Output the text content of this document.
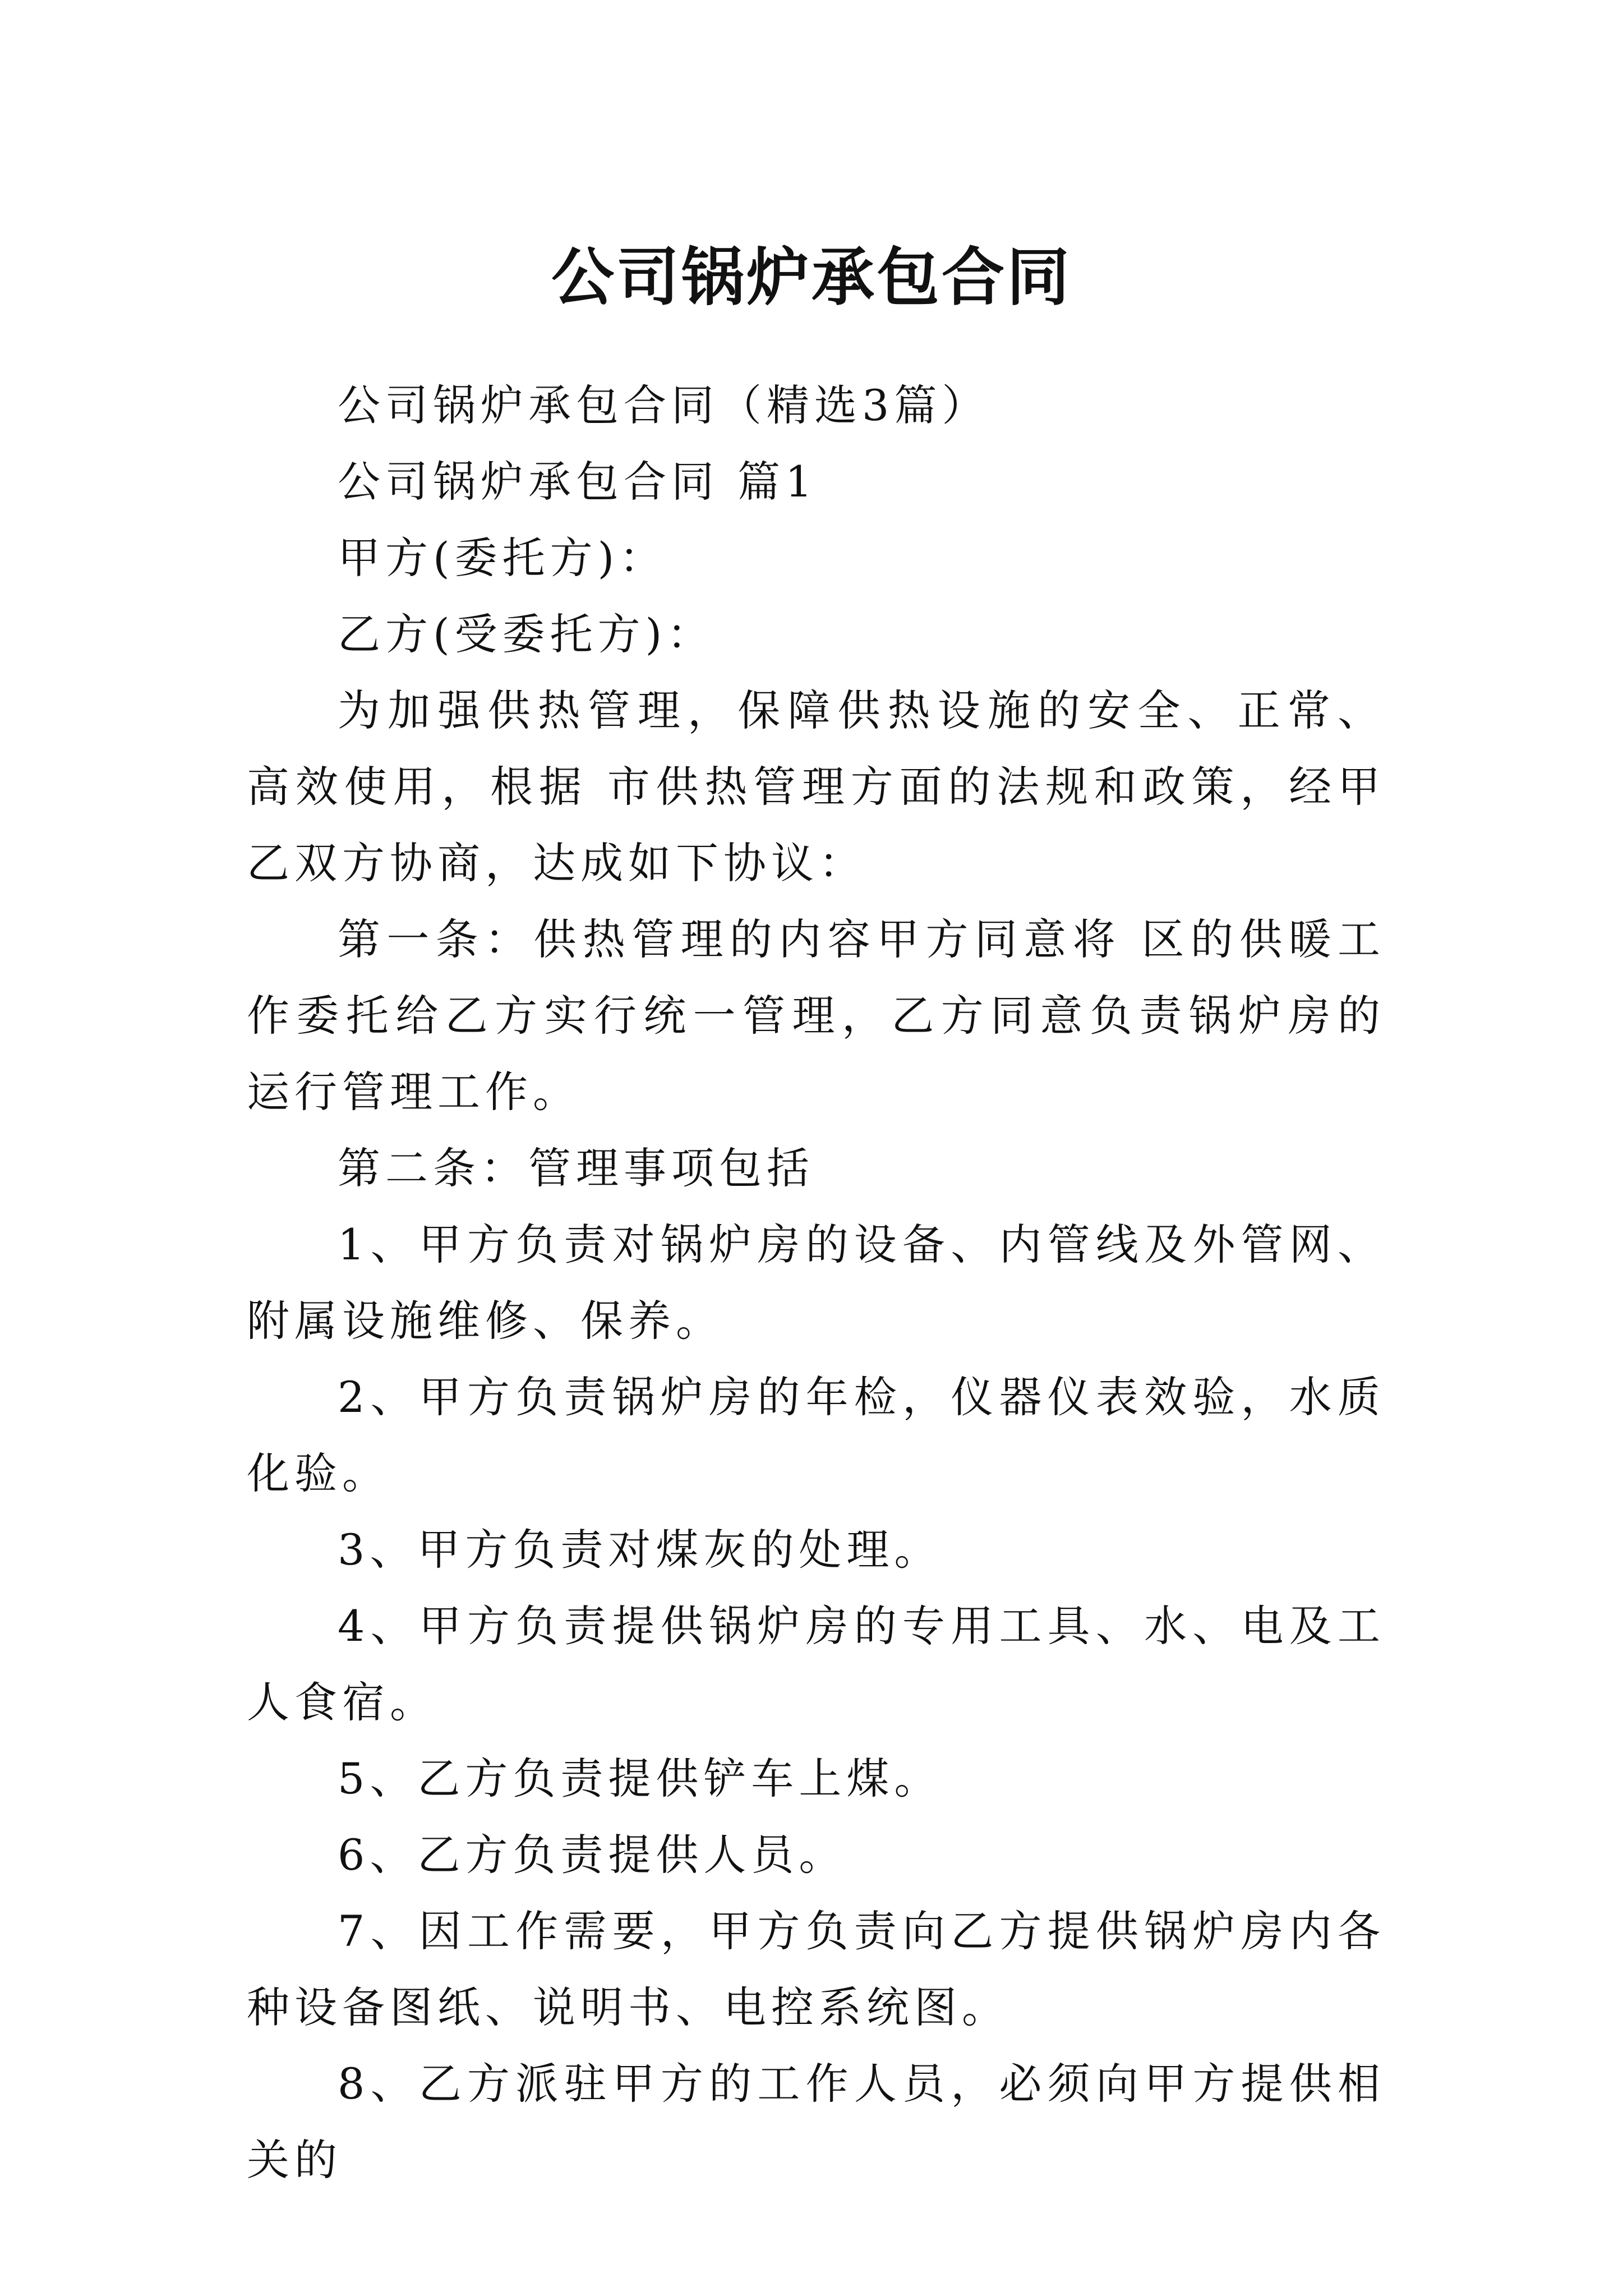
公司锅炉承包合同

公司锅炉承包合同（精选3篇）

公司锅炉承包合同 篇1

甲方(委托方)：

乙方(受委托方)：

为加强供热管理，保障供热设施的安全、正常、高效使用，根据 市供热管理方面的法规和政策，经甲乙双方协商，达成如下协议：

第一条：供热管理的内容甲方同意将 区的供暖工作委托给乙方实行统一管理，乙方同意负责锅炉房的运行管理工作。

第二条：管理事项包括

1、甲方负责对锅炉房的设备、内管线及外管网、附属设施维修、保养。

2、甲方负责锅炉房的年检，仪器仪表效验，水质化验。

3、甲方负责对煤灰的处理。

4、甲方负责提供锅炉房的专用工具、水、电及工人食宿。

5、乙方负责提供铲车上煤。

6、乙方负责提供人员。

7、因工作需要，甲方负责向乙方提供锅炉房内各种设备图纸、说明书、电控系统图。

8、乙方派驻甲方的工作人员，必须向甲方提供相关的
